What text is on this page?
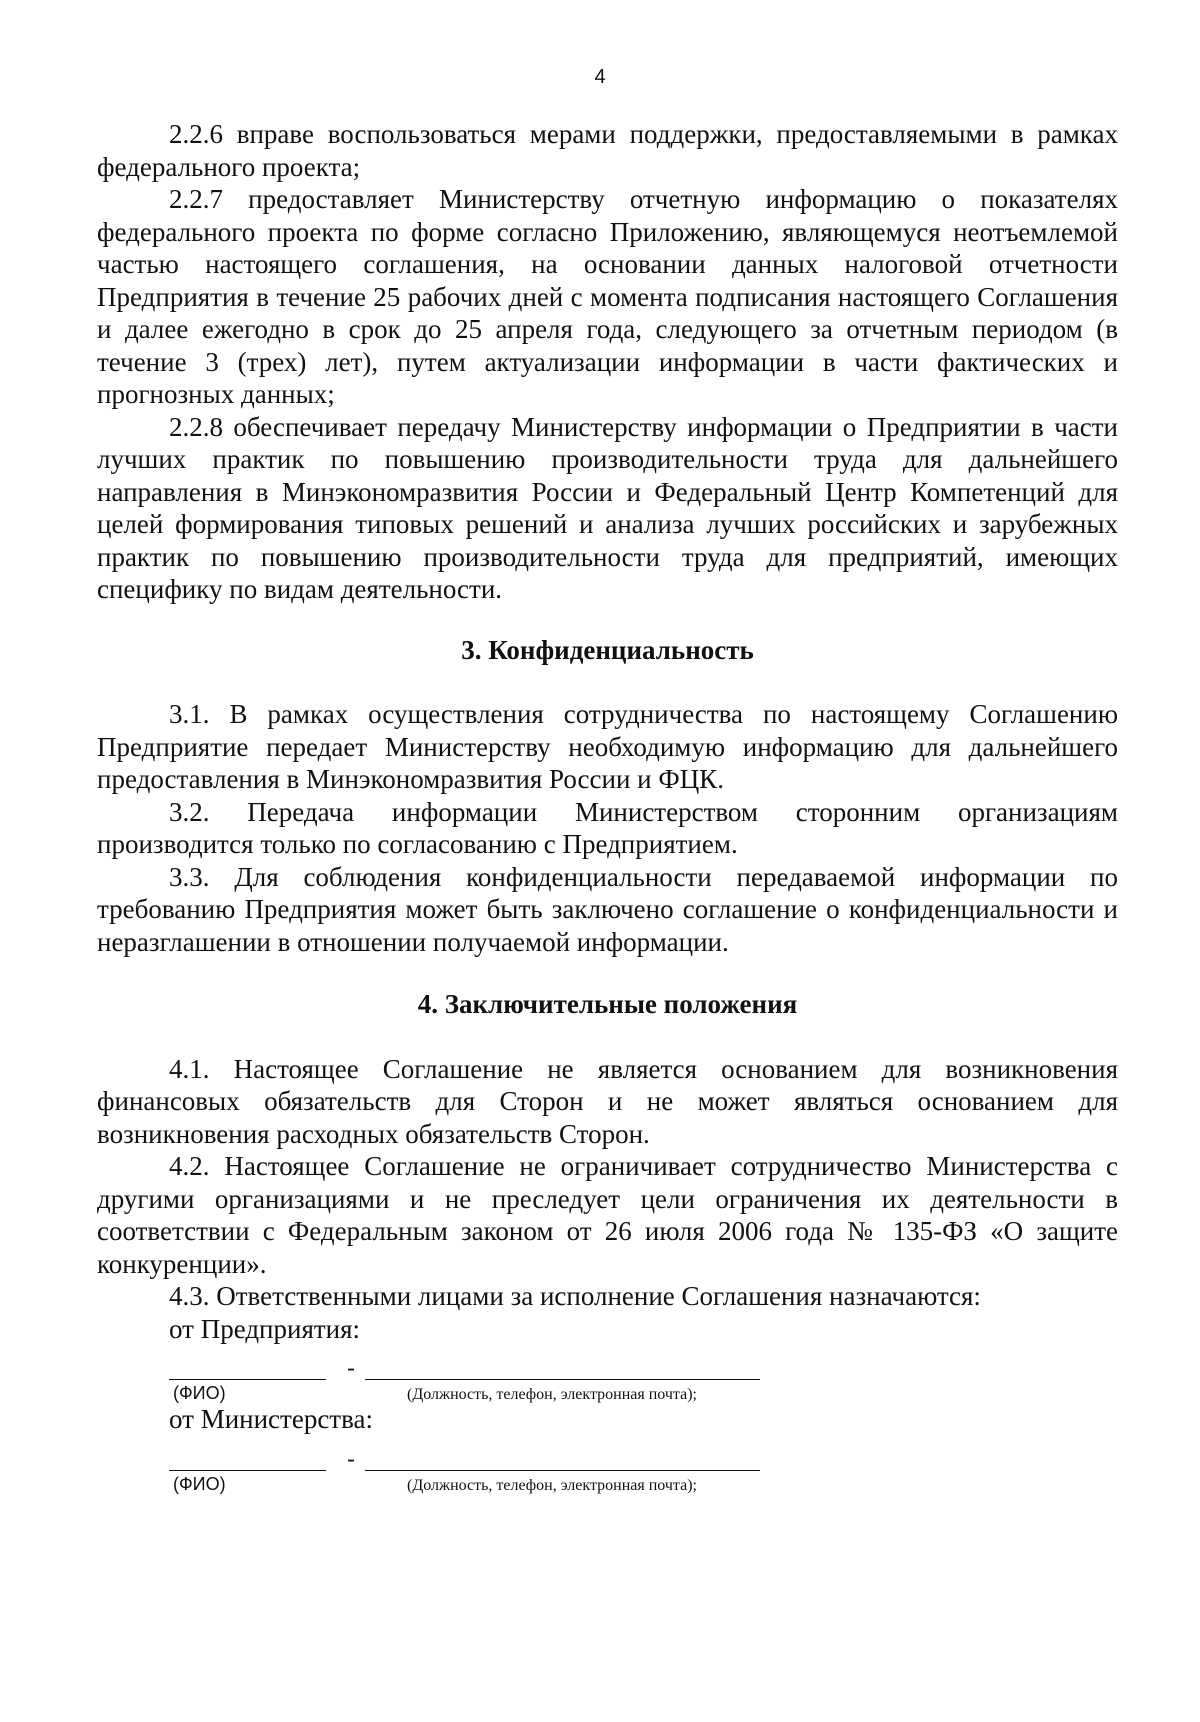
4

2.2.6 вправе воспользоваться мерами поддержки, предоставляемыми в рамках федерального проекта;

2.2.7 предоставляет Министерству отчетную информацию о показателях федерального проекта по форме согласно Приложению, являющемуся неотъемлемой частью настоящего соглашения, на основании данных налоговой отчетности Предприятия в течение 25 рабочих дней с момента подписания настоящего Соглашения и далее ежегодно в срок до 25 апреля года, следующего за отчетным периодом (в течение 3 (трех) лет), путем актуализации информации в части фактических и прогнозных данных;

2.2.8 обеспечивает передачу Министерству информации о Предприятии в части лучших практик по повышению производительности труда для дальнейшего направления в Минэкономразвития России и Федеральный Центр Компетенций для целей формирования типовых решений и анализа лучших российских и зарубежных практик по повышению производительности труда для предприятий, имеющих специфику по видам деятельности.

3. Конфиденциальность

3.1. В рамках осуществления сотрудничества по настоящему Соглашению Предприятие передает Министерству необходимую информацию для дальнейшего предоставления в Минэкономразвития России и ФЦК.

3.2. Передача информации Министерством сторонним организациям производится только по согласованию с Предприятием.

3.3. Для соблюдения конфиденциальности передаваемой информации по требованию Предприятия может быть заключено соглашение о конфиденциальности и неразглашении в отношении получаемой информации.

4. Заключительные положения

4.1. Настоящее Соглашение не является основанием для возникновения финансовых обязательств для Сторон и не может являться основанием для возникновения расходных обязательств Сторон.

4.2. Настоящее Соглашение не ограничивает сотрудничество Министерства с другими организациями и не преследует цели ограничения их деятельности в соответствии с Федеральным законом от 26 июля 2006 года № 135-ФЗ «О защите конкуренции».

4.3. Ответственными лицами за исполнение Соглашения назначаются:

от Предприятия:

-
(ФИО)	(Должность, телефон, электронная почта);

от Министерства:

-
(ФИО)	(Должность, телефон, электронная почта);
